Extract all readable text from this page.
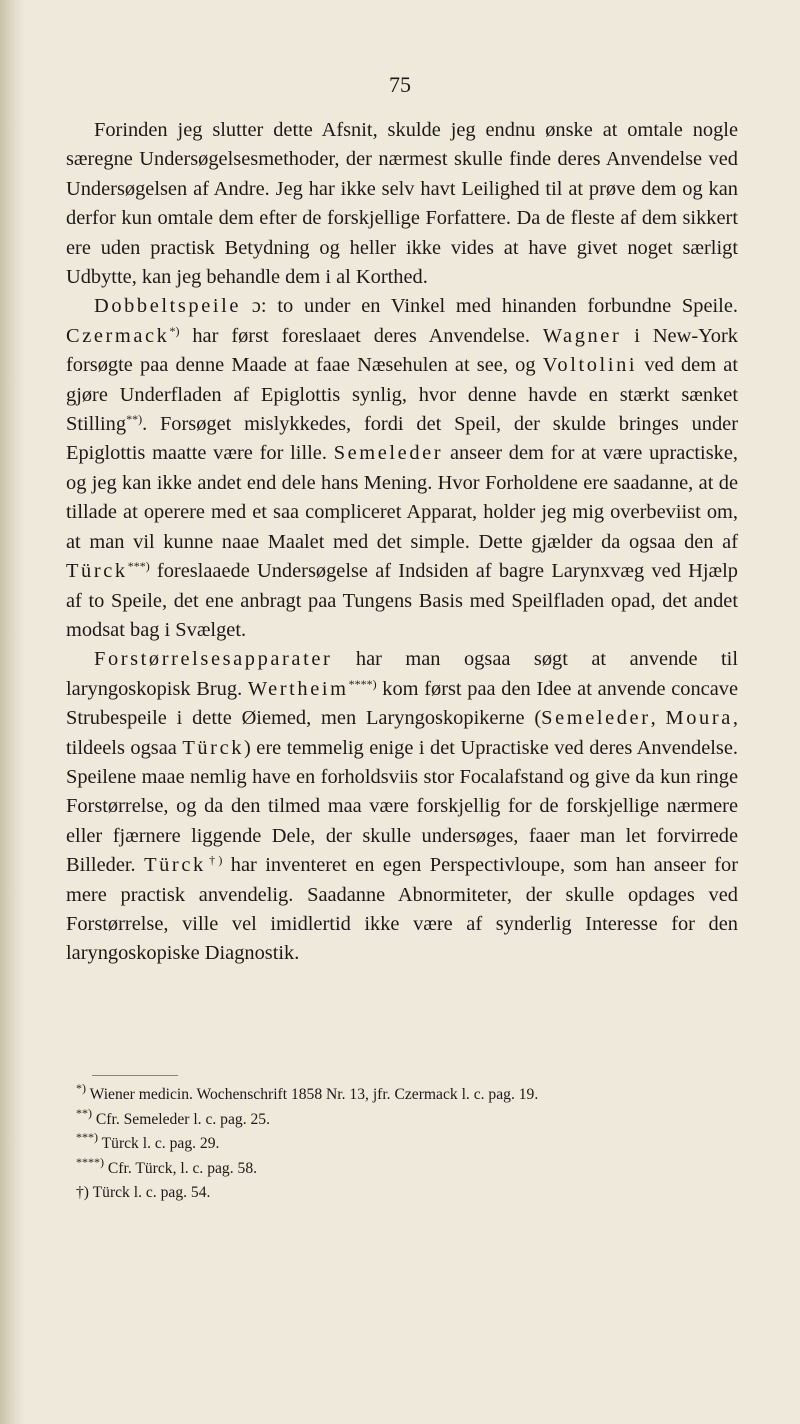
75

Forinden jeg slutter dette Afsnit, skulde jeg endnu ønske at omtale nogle særegne Undersøgelsesmethoder, der nærmest skulle finde deres Anvendelse ved Undersøgelsen af Andre. Jeg har ikke selv havt Leilighed til at prøve dem og kan derfor kun omtale dem efter de forskjellige Forfattere. Da de fleste af dem sikkert ere uden practisk Betydning og heller ikke vides at have givet noget særligt Udbytte, kan jeg behandle dem i al Korthed.

Dobbeltspeile ɔ: to under en Vinkel med hinanden forbundne Speile. Czermack*) har først foreslaaet deres Anvendelse. Wagner i New-York forsøgte paa denne Maade at faae Næsehulen at see, og Voltolini ved dem at gjøre Underfladen af Epiglottis synlig, hvor denne havde en stærkt sænket Stilling**). Forsøget mislykkedes, fordi det Speil, der skulde bringes under Epiglottis maatte være for lille. Semeleder anseer dem for at være upractiske, og jeg kan ikke andet end dele hans Mening. Hvor Forholdene ere saadanne, at de tillade at operere med et saa compliceret Apparat, holder jeg mig overbeviist om, at man vil kunne naae Maalet med det simple. Dette gjælder da ogsaa den af Türck***) foreslaaede Undersøgelse af Indsiden af bagre Larynxvæg ved Hjælp af to Speile, det ene anbragt paa Tungens Basis med Speilfladen opad, det andet modsat bag i Svælget.

Forstørrelsesapparater har man ogsaa søgt at anvende til laryngoskopisk Brug. Wertheim****) kom først paa den Idee at anvende concave Strubespeile i dette Øiemed, men Laryngoskopikerne (Semeleder, Moura, tildeels ogsaa Türck) ere temmelig enige i det Upractiske ved deres Anvendelse. Speilene maae nemlig have en forholdsviis stor Focalafstand og give da kun ringe Forstørrelse, og da den tilmed maa være forskjellig for de forskjellige nærmere eller fjærnere liggende Dele, der skulle undersøges, faaer man let forvirrede Billeder. Türck†) har inventeret en egen Perspectivloupe, som han anseer for mere practisk anvendelig. Saadanne Abnormiteter, der skulle opdages ved Forstørrelse, ville vel imidlertid ikke være af synderlig Interesse for den laryngoskopiske Diagnostik.

*) Wiener medicin. Wochenschrift 1858 Nr. 13, jfr. Czermack l. c. pag. 19.
**) Cfr. Semeleder l. c. pag. 25.
***) Türck l. c. pag. 29.
****) Cfr. Türck, l. c. pag. 58.
†) Türck l. c. pag. 54.
